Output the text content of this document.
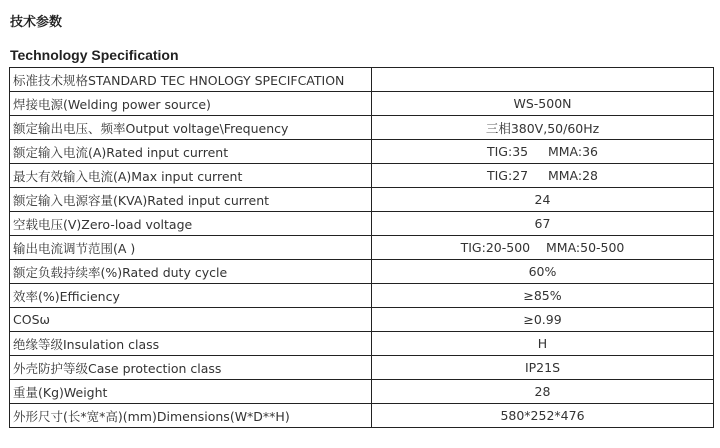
技术参数
Technology Specification
标准技术规格STANDARD TEC HNOLOGY SPECIFCATION	
焊接电源(Welding power source)	WS-500N
额定输出电压、频率Output voltage\Frequency	三相380V,50/60Hz
额定输入电流(A)Rated input current	TIG:35     MMA:36
最大有效输入电流(A)Max input current	TIG:27     MMA:28
额定输入电源容量(KVA)Rated input current	24
空载电压(V)Zero-load voltage	67
输出电流调节范围(A )	TIG:20-500    MMA:50-500
额定负载持续率(%)Rated duty cycle	60%
效率(%)Efficiency	≥85%
COSω	≥0.99
绝缘等级Insulation class	H
外壳防护等级Case protection class	IP21S
重量(Kg)Weight	28
外形尺寸(长*宽*高)(mm)Dimensions(W*D**H)	580*252*476
